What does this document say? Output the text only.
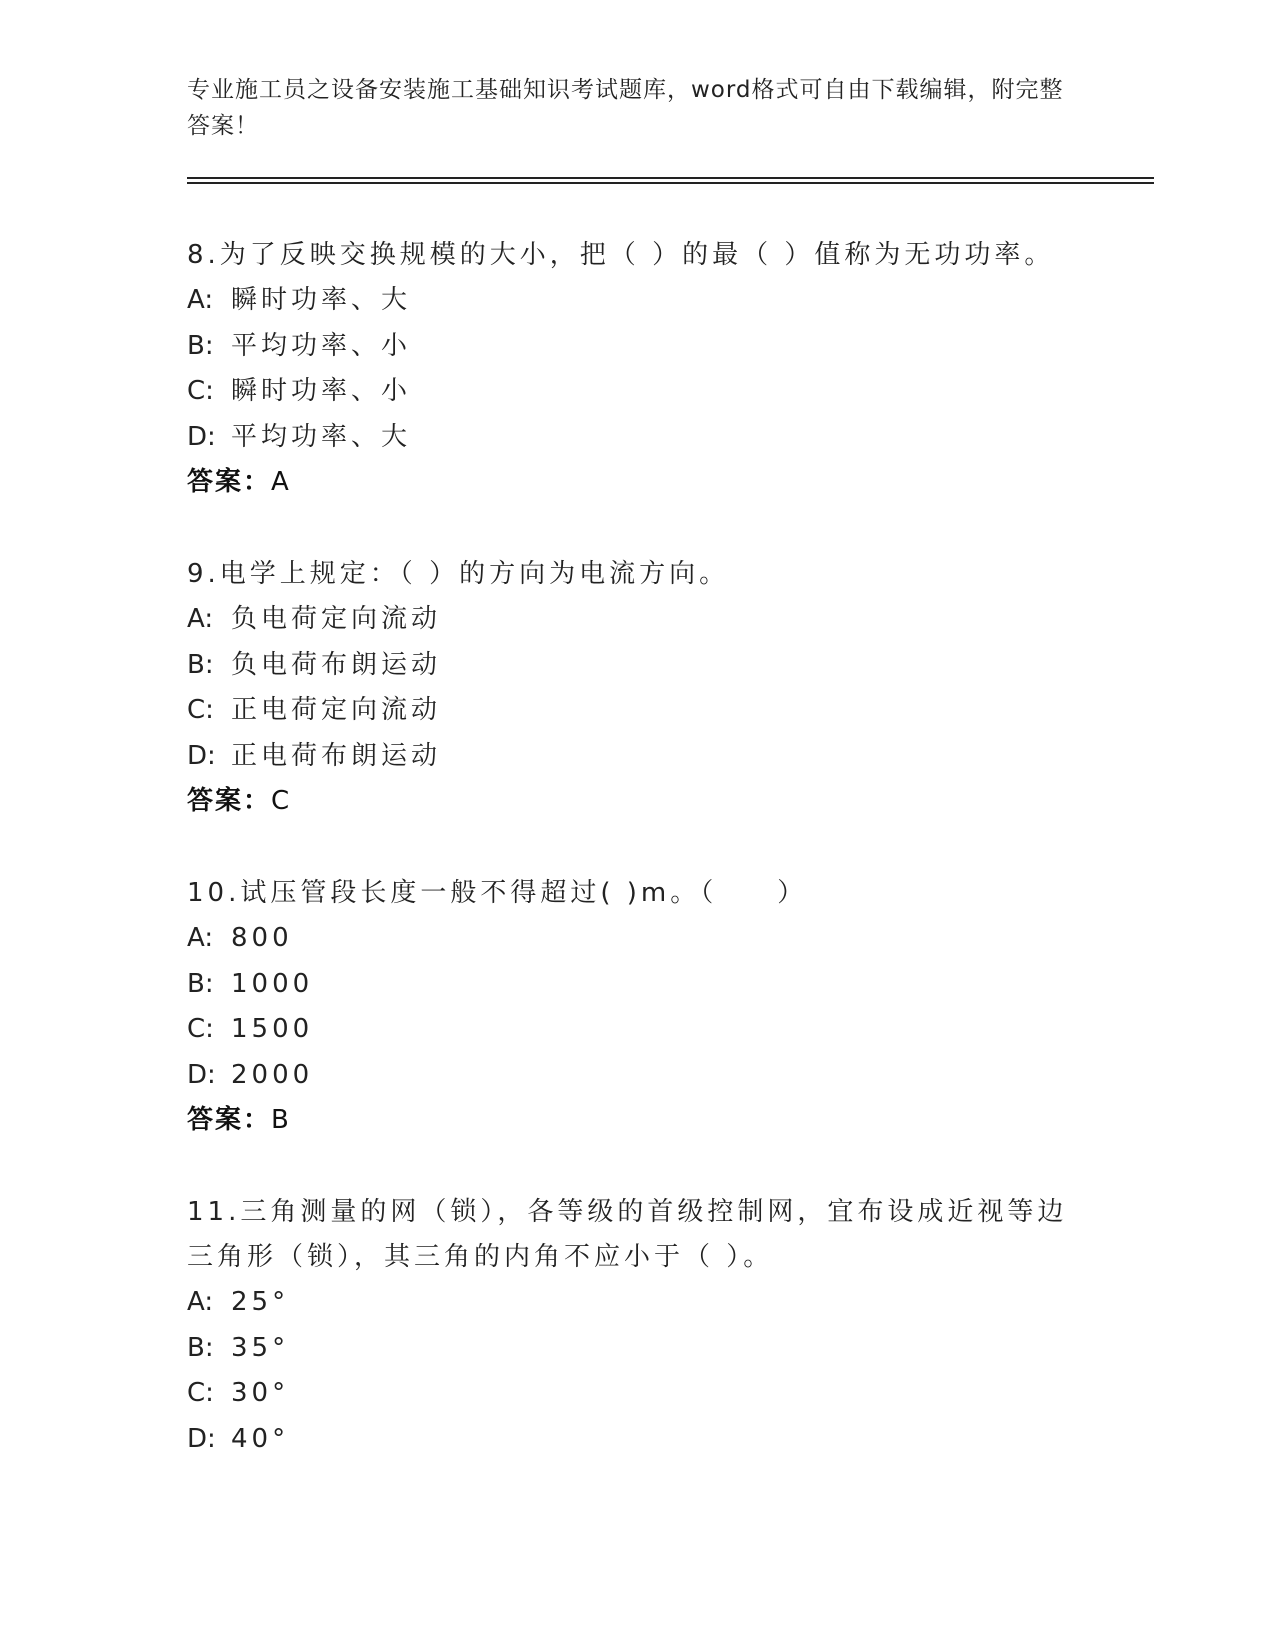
专业施工员之设备安装施工基础知识考试题库，word格式可自由下载编辑，附完整答案！

8.为了反映交换规模的大小，把（ ）的最（ ）值称为无功功率。

A: 瞬时功率、大

B: 平均功率、小

C: 瞬时功率、小

D: 平均功率、大

答案：A

9.电学上规定：（ ）的方向为电流方向。

A: 负电荷定向流动

B: 负电荷布朗运动

C: 正电荷定向流动

D: 正电荷布朗运动

答案：C

10.试压管段长度一般不得超过( )m。（　　）

A: 800

B: 1000

C: 1500

D: 2000

答案：B

11.三角测量的网（锁），各等级的首级控制网，宜布设成近视等边三角形（锁），其三角的内角不应小于（ ）。

A: 25°

B: 35°

C: 30°

D: 40°
